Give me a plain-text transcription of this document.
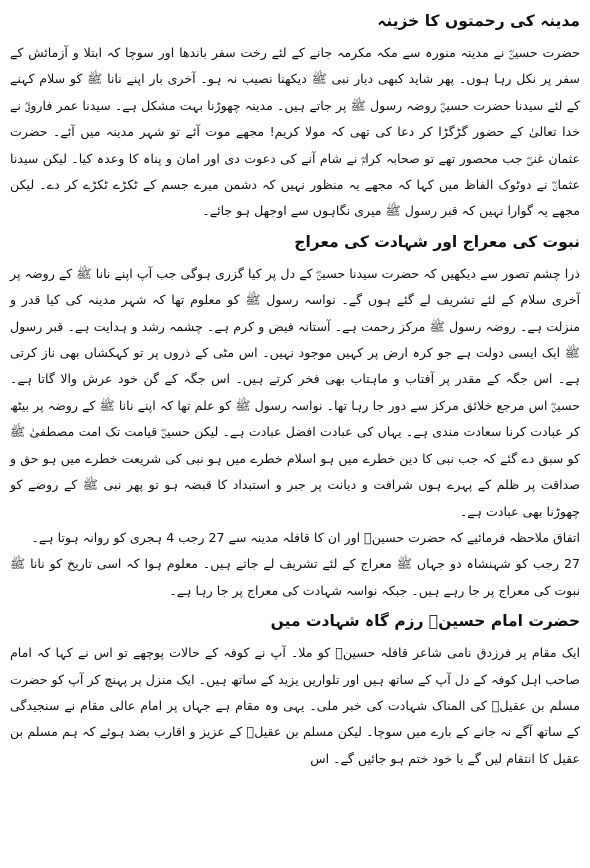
مدینہ کی رحمتوں کا خزینہ

حضرت حسینؓ نے مدینہ منورہ سے مکہ مکرمہ جانے کے لئے رخت سفر باندھا اور سوچا کہ ابتلا و آزمائش کے سفر پر نکل رہا ہوں۔ پھر شاید کبھی دیار نبی ﷺ دیکھنا نصیب نہ ہو۔ آخری بار اپنے نانا ﷺ کو سلام کہنے کے لئے سیدنا حضرت حسینؓ روضہ رسول ﷺ پر جاتے ہیں۔ مدینہ چھوڑنا بہت مشکل ہے۔ سیدنا عمر فاروقؓ نے خدا تعالیٰ کے حضور گڑگڑا کر دعا کی تھی کہ مولا کریم! مجھے موت آئے تو شہر مدینہ میں آئے۔ حضرت عثمان غنیؓ جب محصور تھے تو صحابہ کرامؓ نے شام آنے کی دعوت دی اور امان و پناہ کا وعدہ کیا۔ لیکن سیدنا عثمانؓ نے دوٹوک الفاظ میں کہا کہ مجھے یہ منظور نہیں کہ دشمن میرے جسم کے ٹکڑے ٹکڑے کر دے۔ لیکن مجھے یہ گوارا نہیں کہ قبر رسول ﷺ میری نگاہوں سے اوجھل ہو جائے۔

نبوت کی معراج اور شہادت کی معراج

ذرا چشم تصور سے دیکھیں کہ حضرت سیدنا حسینؓ کے دل پر کیا گزری ہوگی جب آپ اپنے نانا ﷺ کے روضہ پر آخری سلام کے لئے تشریف لے گئے ہوں گے۔ نواسہ رسول ﷺ کو معلوم تھا کہ شہر مدینہ کی کیا قدر و منزلت ہے۔ روضہ رسول ﷺ مرکز رحمت ہے۔ آستانہ فیض و کرم ہے۔ چشمہ رشد و ہدایت ہے۔ قبر رسول ﷺ ایک ایسی دولت ہے جو کرہ ارض پر کہیں موجود نہیں۔ اس مٹی کے ذروں پر تو کہکشاں بھی ناز کرتی ہے۔ اس جگہ کے مقدر پر آفتاب و ماہتاب بھی فخر کرتے ہیں۔ اس جگہ کے گن خود عرش والا گاتا ہے۔ حسینؓ اس مرجع خلائق مرکز سے دور جا رہا تھا۔ نواسہ رسول ﷺ کو علم تھا کہ اپنے نانا ﷺ کے روضہ پر بیٹھ کر عبادت کرنا سعادت مندی ہے۔ یہاں کی عبادت افضل عبادت ہے۔ لیکن حسینؓ قیامت تک امت مصطفیٰ ﷺ کو سبق دے گئے کہ جب نبی کا دین خطرے میں ہو اسلام خطرے میں ہو نبی کی شریعت خطرے میں ہو حق و صداقت پر ظلم کے پہرے ہوں شرافت و دیانت پر جبر و استبداد کا قبضہ ہو تو پھر نبی ﷺ کے روضے کو چھوڑنا بھی عبادت ہے۔

اتفاق ملاحظہ فرمائیے کہ حضرت حسینؓ اور ان کا قافلہ مدینہ سے 27 رجب 4 ہجری کو روانہ ہوتا ہے۔

27 رجب کو شہنشاہ دو جہاں ﷺ معراج کے لئے تشریف لے جاتے ہیں۔ معلوم ہوا کہ اسی تاریخ کو نانا ﷺ نبوت کی معراج پر جا رہے ہیں۔ جبکہ نواسہ شہادت کی معراج پر جا رہا ہے۔

حضرت امام حسینؓ رزم گاہ شہادت میں

ایک مقام پر فرزدق نامی شاعر قافلہ حسینؓ کو ملا۔ آپ نے کوفہ کے حالات پوچھے تو اس نے کہا کہ امام صاحب اہل کوفہ کے دل آپ کے ساتھ ہیں اور تلواریں یزید کے ساتھ ہیں۔ ایک منزل پر پہنچ کر آپ کو حضرت مسلم بن عقیلؓ کی المناک شہادت کی خبر ملی۔ یہی وہ مقام ہے جہاں پر امام عالی مقام نے سنجیدگی کے ساتھ آگے نہ جانے کے بارے میں سوچا۔ لیکن مسلم بن عقیلؓ کے عزیز و اقارب بضد ہوئے کہ ہم مسلم بن عقیل کا انتقام لیں گے یا خود ختم ہو جائیں گے۔ اس
